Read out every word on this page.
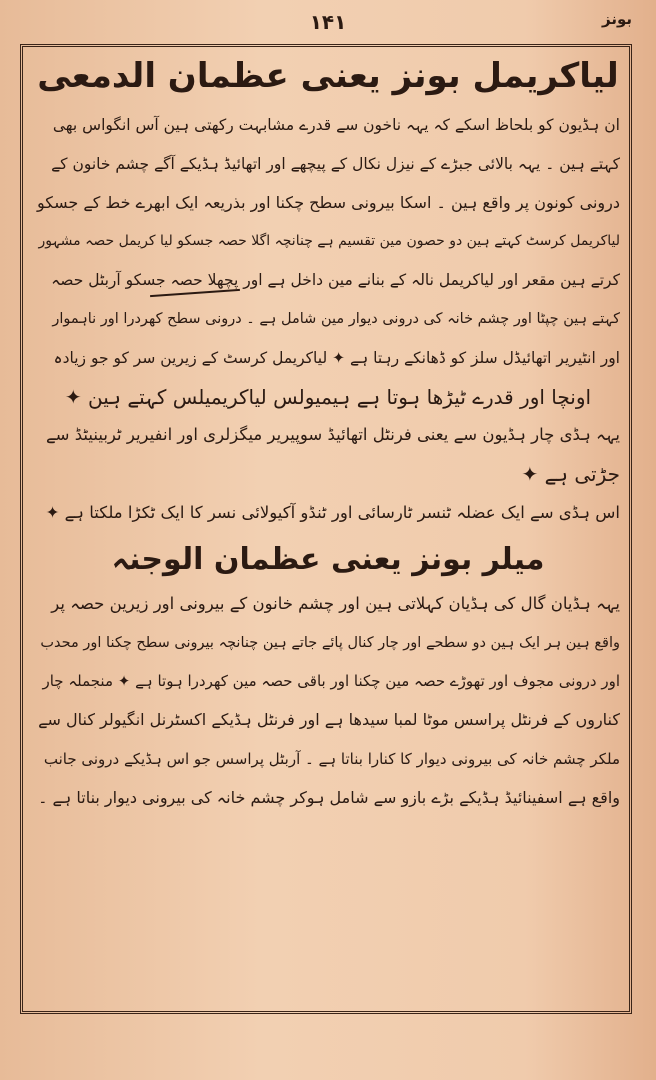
۱۴۱	بونز
لیاکریمل بونز یعنی عظمان الدمعی
ان ہڈیون کو بلحاظ اسکے کہ یہہ ناخون سے قدرے مشابہت رکھتی ہین آس انگواس بھی
کہتے ہین ۔ یہہ بالائی جبڑے کے نیزل نکال کے پیچھے اور اتھائیڈ ہڈیکے آگے چشم خانون کے
درونی کونون پر واقع ہین ۔ اسکا بیرونی سطح چکنا اور بذریعہ ایک ابھرے خط کے جسکو
لیاکریمل کرسٹ کہتے ہین دو حصون مین تقسیم ہے چنانچہ اگلا حصہ جسکو لیا کریمل حصہ مشہور
کرتے ہین مقعر اور لیاکریمل نالہ کے بنانے مین داخل ہے اور پچھلا حصہ جسکو آربٹل حصہ
کہتے ہین چپٹا اور چشم خانہ کی درونی دیوار مین شامل ہے ۔ درونی سطح کھردرا اور ناہموار
اور انٹیریر اتھائیڈل سلز کو ڈھانکے رہتا ہے ✦ لیاکریمل کرسٹ کے زیرین سر کو جو زیادہ
اونچا اور قدرے ٹیڑھا ہوتا ہے ہیمیولس لیاکریمیلس کہتے ہین ✦
یہہ ہڈی چار ہڈیون سے یعنی فرنٹل اتھائیڈ سوپیریر میگزلری اور انفیریر ٹربینیٹڈ سے
جڑتی ہے ✦
اس ہڈی سے ایک عضلہ ٹنسر ٹارسائی اور ٹنڈو آکیولائی نسر کا ایک ٹکڑا ملکتا ہے ✦
میلر بونز یعنی عظمان الوجنہ
یہہ ہڈیان گال کی ہڈیان کہلاتی ہین اور چشم خانون کے بیرونی اور زیرین حصہ پر
واقع ہین ہر ایک ہین دو سطحے اور چار کنال پائے جاتے ہین چنانچہ بیرونی سطح چکنا اور محدب
اور درونی مجوف اور تھوڑے حصہ مین چکنا اور باقی حصہ مین کھردرا ہوتا ہے ✦ منجملہ چار
کناروں کے فرنٹل پراسس موٹا لمبا سیدھا ہے اور فرنٹل ہڈیکے اکسٹرنل انگیولر کنال سے
ملکر چشم خانہ کی بیرونی دیوار کا کنارا بناتا ہے ۔ آربٹل پراسس جو اس ہڈیکے درونی جانب
واقع ہے اسفینائیڈ ہڈیکے بڑے بازو سے شامل ہوکر چشم خانہ کی بیرونی دیوار بناتا ہے ۔
